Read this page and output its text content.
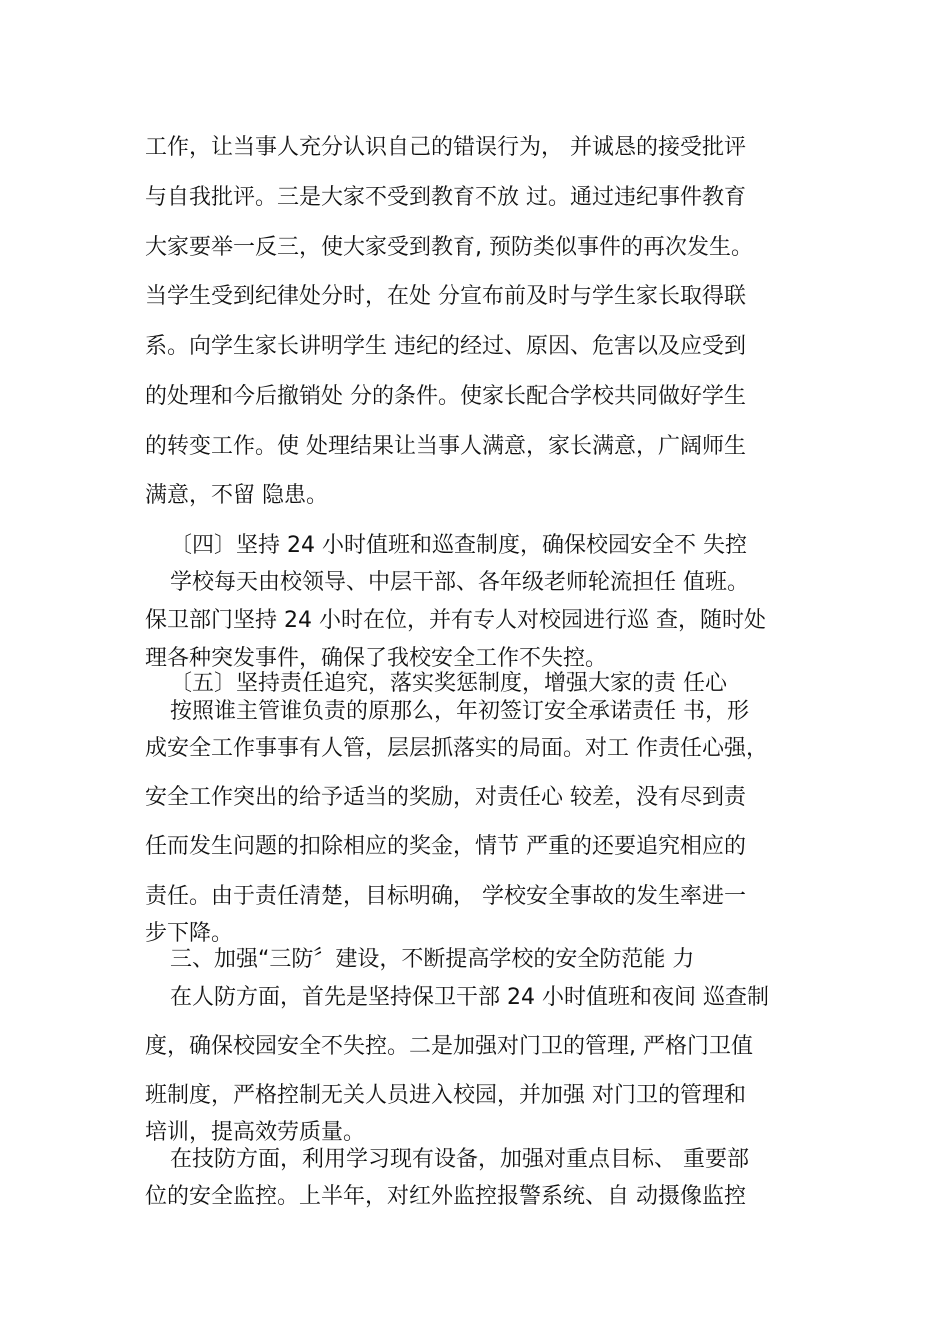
工作，让当事人充分认识自己的错误行为， 并诚恳的接受批评
与自我批评。三是大家不受到教育不放 过。通过违纪事件教育
大家要举一反三，使大家受到教育, 预防类似事件的再次发生。
当学生受到纪律处分时，在处 分宣布前及时与学生家长取得联
系。向学生家长讲明学生 违纪的经过、原因、危害以及应受到
的处理和今后撤销处 分的条件。使家长配合学校共同做好学生
的转变工作。使 处理结果让当事人满意，家长满意，广阔师生
满意，不留 隐患。
〔四〕坚持 24 小时值班和巡查制度，确保校园安全不 失控
学校每天由校领导、中层干部、各年级老师轮流担任 值班。
保卫部门坚持 24 小时在位，并有专人对校园进行巡 查，随时处
理各种突发事件，确保了我校安全工作不失控。
〔五〕坚持责任追究，落实奖惩制度，增强大家的责 任心
按照谁主管谁负责的原那么，年初签订安全承诺责任 书，形
成安全工作事事有人管，层层抓落实的局面。对工 作责任心强，
安全工作突出的给予适当的奖励，对责任心 较差，没有尽到责
任而发生问题的扣除相应的奖金，情节 严重的还要追究相应的
责任。由于责任清楚，目标明确， 学校安全事故的发生率进一
步下降。
三、加强“三防〞建设，不断提高学校的安全防范能 力
在人防方面，首先是坚持保卫干部 24 小时值班和夜间 巡查制
度，确保校园安全不失控。二是加强对门卫的管理, 严格门卫值
班制度，严格控制无关人员进入校园，并加强 对门卫的管理和
培训，提高效劳质量。
在技防方面，利用学习现有设备，加强对重点目标、 重要部
位的安全监控。上半年，对红外监控报警系统、自 动摄像监控
